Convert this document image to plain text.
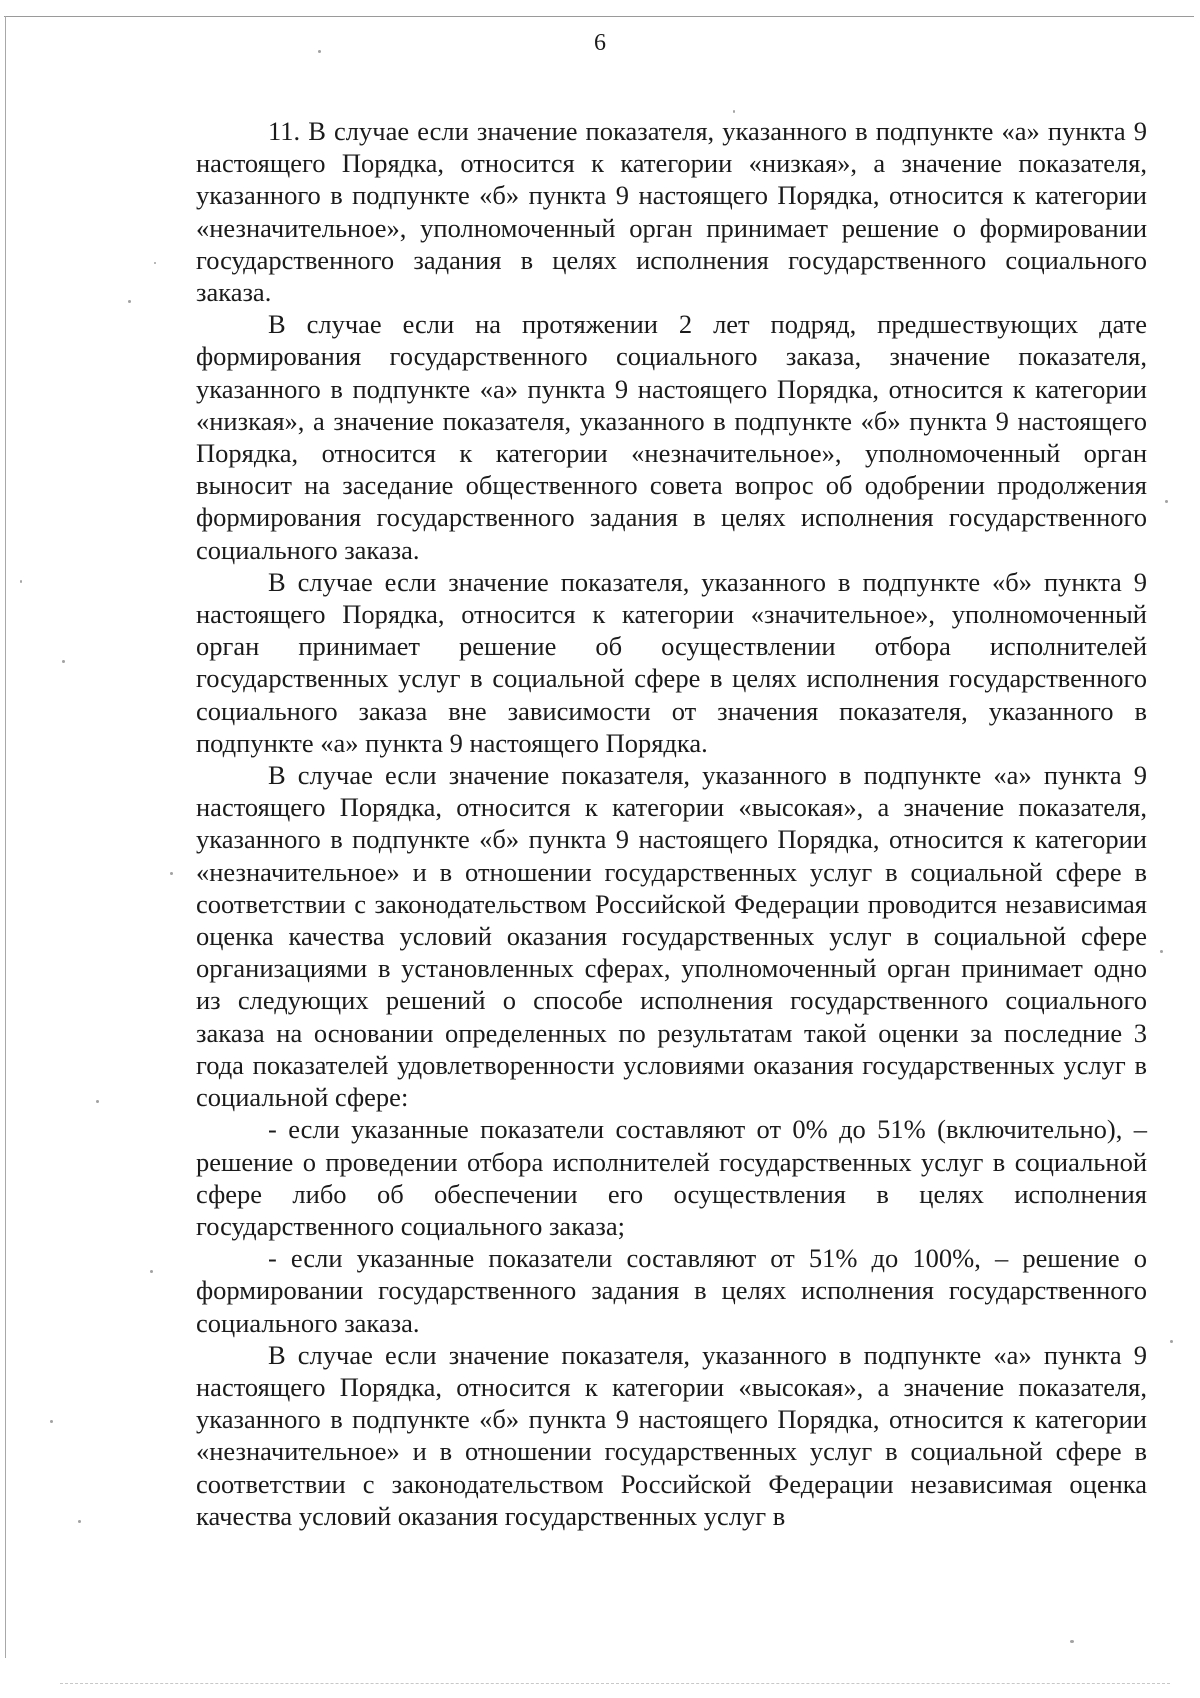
6

11. В случае если значение показателя, указанного в подпункте «а» пункта 9 настоящего Порядка, относится к категории «низкая», а значение показателя, указанного в подпункте «б» пункта 9 настоящего Порядка, относится к категории «незначительное», уполномоченный орган принимает решение о формировании государственного задания в целях исполнения государственного социального заказа.

В случае если на протяжении 2 лет подряд, предшествующих дате формирования государственного социального заказа, значение показателя, указанного в подпункте «а» пункта 9 настоящего Порядка, относится к категории «низкая», а значение показателя, указанного в подпункте «б» пункта 9 настоящего Порядка, относится к категории «незначительное», уполномоченный орган выносит на заседание общественного совета вопрос об одобрении продолжения формирования государственного задания в целях исполнения государственного социального заказа.

В случае если значение показателя, указанного в подпункте «б» пункта 9 настоящего Порядка, относится к категории «значительное», уполномоченный орган принимает решение об осуществлении отбора исполнителей государственных услуг в социальной сфере в целях исполнения государственного социального заказа вне зависимости от значения показателя, указанного в подпункте «а» пункта 9 настоящего Порядка.

В случае если значение показателя, указанного в подпункте «а» пункта 9 настоящего Порядка, относится к категории «высокая», а значение показателя, указанного в подпункте «б» пункта 9 настоящего Порядка, относится к категории «незначительное» и в отношении государственных услуг в социальной сфере в соответствии с законодательством Российской Федерации проводится независимая оценка качества условий оказания государственных услуг в социальной сфере организациями в установленных сферах, уполномоченный орган принимает одно из следующих решений о способе исполнения государственного социального заказа на основании определенных по результатам такой оценки за последние 3 года показателей удовлетворенности условиями оказания государственных услуг в социальной сфере:

- если указанные показатели составляют от 0% до 51% (включительно), – решение о проведении отбора исполнителей государственных услуг в социальной сфере либо об обеспечении его осуществления в целях исполнения государственного социального заказа;

- если указанные показатели составляют от 51% до 100%, – решение о формировании государственного задания в целях исполнения государственного социального заказа.

В случае если значение показателя, указанного в подпункте «а» пункта 9 настоящего Порядка, относится к категории «высокая», а значение показателя, указанного в подпункте «б» пункта 9 настоящего Порядка, относится к категории «незначительное» и в отношении государственных услуг в социальной сфере в соответствии с законодательством Российской Федерации независимая оценка качества условий оказания государственных услуг в
